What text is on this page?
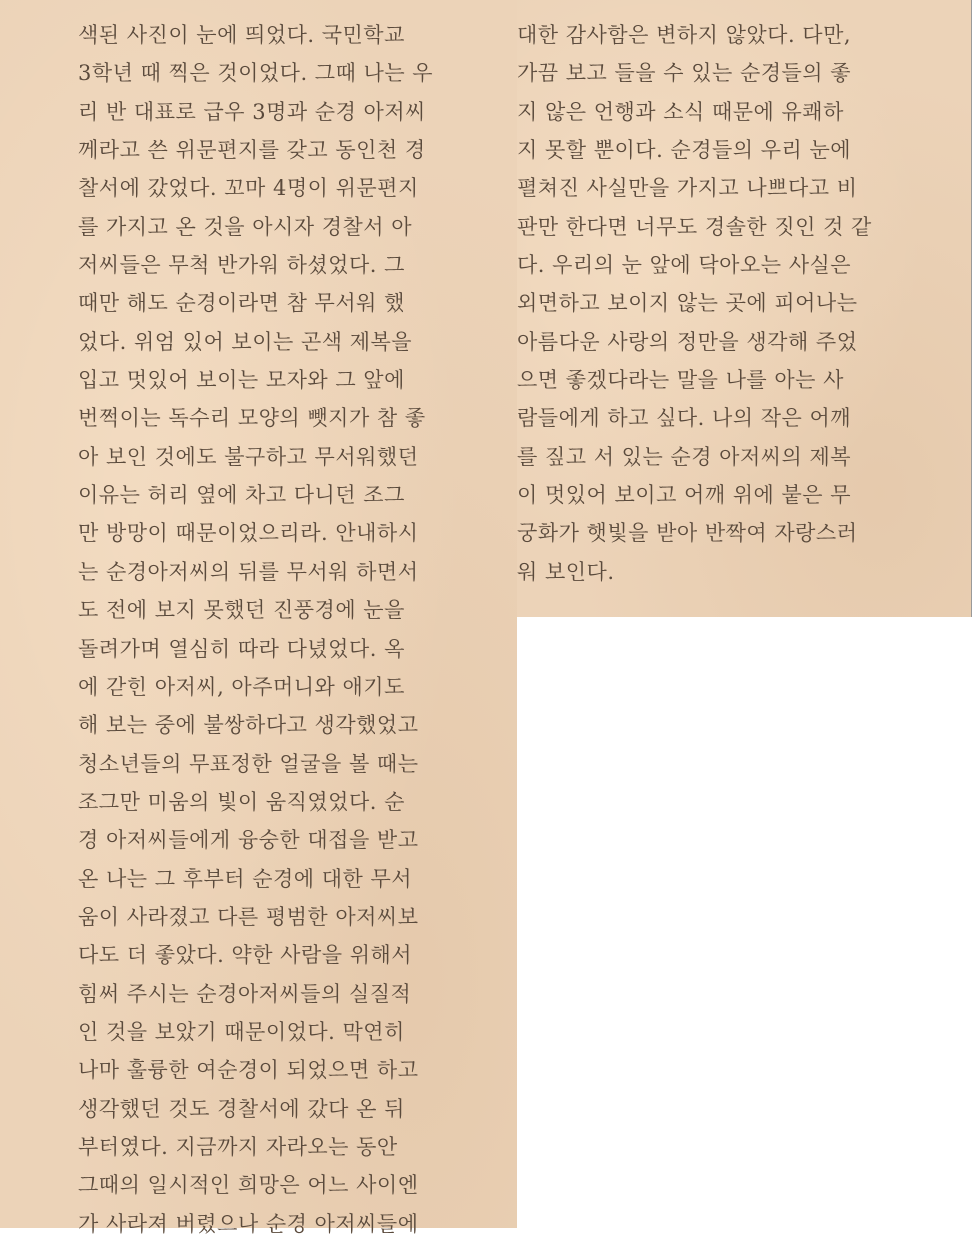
색된 사진이 눈에 띄었다. 국민학교
3학년 때 찍은 것이었다. 그때 나는 우
리 반 대표로 급우 3명과 순경 아저씨
께라고 쓴 위문편지를 갖고 동인천 경
찰서에 갔었다. 꼬마 4명이 위문편지
를 가지고 온 것을 아시자 경찰서 아
저씨들은 무척 반가워 하셨었다. 그
때만 해도 순경이라면 참 무서워 했
었다. 위엄 있어 보이는 곤색 제복을
입고 멋있어 보이는 모자와 그 앞에
번쩍이는 독수리 모양의 뺏지가 참 좋
아 보인 것에도 불구하고 무서워했던
이유는 허리 옆에 차고 다니던 조그
만 방망이 때문이었으리라. 안내하시
는 순경아저씨의 뒤를 무서워 하면서
도 전에 보지 못했던 진풍경에 눈을
돌려가며 열심히 따라 다녔었다. 옥
에 갇힌 아저씨, 아주머니와 애기도
해 보는 중에 불쌍하다고 생각했었고
청소년들의 무표정한 얼굴을 볼 때는
조그만 미움의 빛이 움직였었다. 순
경 아저씨들에게 융숭한 대접을 받고
온 나는 그 후부터 순경에 대한 무서
움이 사라졌고 다른 평범한 아저씨보
다도 더 좋았다. 약한 사람을 위해서
힘써 주시는 순경아저씨들의 실질적
인 것을 보았기 때문이었다. 막연히
나마 훌륭한 여순경이 되었으면 하고
생각했던 것도 경찰서에 갔다 온 뒤
부터였다. 지금까지 자라오는 동안
그때의 일시적인 희망은 어느 사이엔
가 사라져 버렸으나 순경 아저씨들에
대한 감사함은 변하지 않았다. 다만,
가끔 보고 들을 수 있는 순경들의 좋
지 않은 언행과 소식 때문에 유쾌하
지 못할 뿐이다. 순경들의 우리 눈에
펼쳐진 사실만을 가지고 나쁘다고 비
판만 한다면 너무도 경솔한 짓인 것 같
다. 우리의 눈 앞에 닥아오는 사실은
외면하고 보이지 않는 곳에 피어나는
아름다운 사랑의 정만을 생각해 주었
으면 좋겠다라는 말을 나를 아는 사
람들에게 하고 싶다. 나의 작은 어깨
를 짚고 서 있는 순경 아저씨의 제복
이 멋있어 보이고 어깨 위에 붙은 무
궁화가 햇빛을 받아 반짝여 자랑스러
워 보인다.
